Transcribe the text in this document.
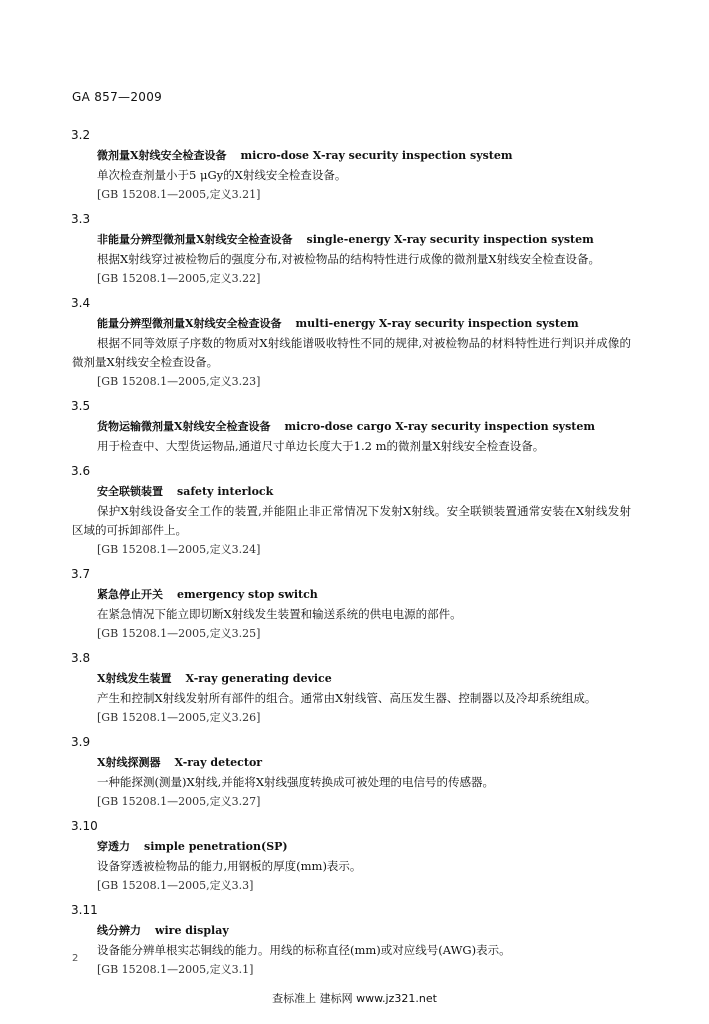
GA 857—2009
3.2
微剂量X射线安全检查设备 micro-dose X-ray security inspection system
单次检查剂量小于5 μGy的X射线安全检查设备。
[GB 15208.1—2005,定义3.21]
3.3
非能量分辨型微剂量X射线安全检查设备 single-energy X-ray security inspection system
根据X射线穿过被检物后的强度分布,对被检物品的结构特性进行成像的微剂量X射线安全检查设备。
[GB 15208.1—2005,定义3.22]
3.4
能量分辨型微剂量X射线安全检查设备 multi-energy X-ray security inspection system
根据不同等效原子序数的物质对X射线能谱吸收特性不同的规律,对被检物品的材料特性进行判识并成像的微剂量X射线安全检查设备。
[GB 15208.1—2005,定义3.23]
3.5
货物运输微剂量X射线安全检查设备 micro-dose cargo X-ray security inspection system
用于检查中、大型货运物品,通道尺寸单边长度大于1.2 m的微剂量X射线安全检查设备。
3.6
安全联锁装置 safety interlock
保护X射线设备安全工作的装置,并能阻止非正常情况下发射X射线。安全联锁装置通常安装在X射线发射区域的可拆卸部件上。
[GB 15208.1—2005,定义3.24]
3.7
紧急停止开关 emergency stop switch
在紧急情况下能立即切断X射线发生装置和输送系统的供电电源的部件。
[GB 15208.1—2005,定义3.25]
3.8
X射线发生装置 X-ray generating device
产生和控制X射线发射所有部件的组合。通常由X射线管、高压发生器、控制器以及冷却系统组成。
[GB 15208.1—2005,定义3.26]
3.9
X射线探测器 X-ray detector
一种能探测(测量)X射线,并能将X射线强度转换成可被处理的电信号的传感器。
[GB 15208.1—2005,定义3.27]
3.10
穿透力 simple penetration(SP)
设备穿透被检物品的能力,用钢板的厚度(mm)表示。
[GB 15208.1—2005,定义3.3]
3.11
线分辨力 wire display
设备能分辨单根实芯铜线的能力。用线的标称直径(mm)或对应线号(AWG)表示。
[GB 15208.1—2005,定义3.1]
2
查标准上 建标网 www.jz321.net
